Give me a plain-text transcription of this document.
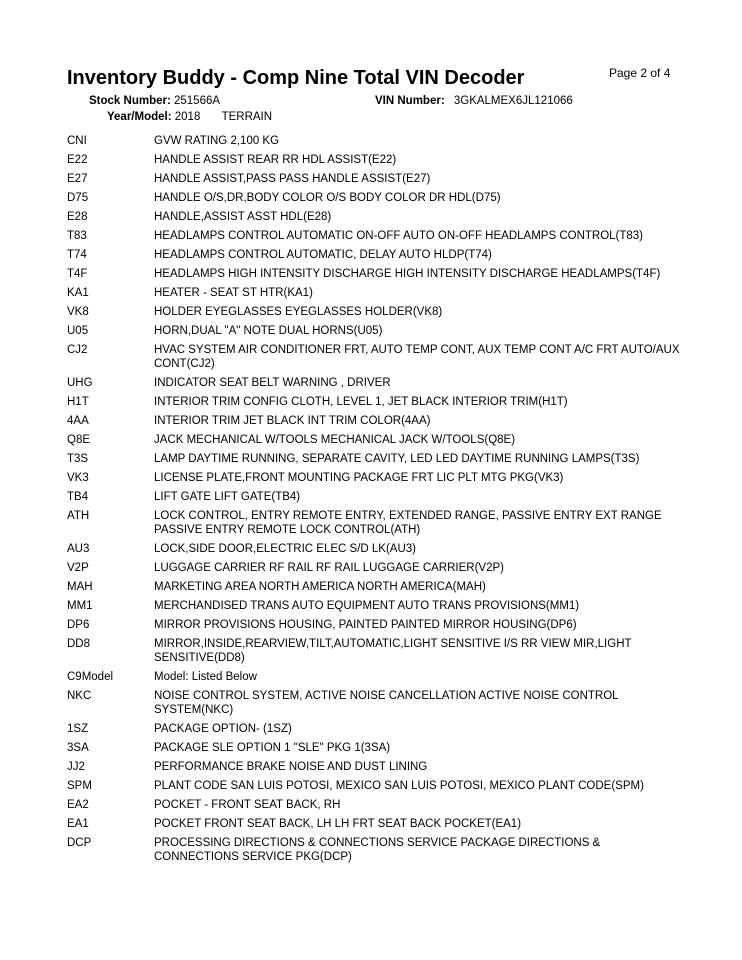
Inventory Buddy - Comp Nine Total VIN Decoder	Page 2 of 4
Stock Number: 251566A	VIN Number: 3GKALMEX6JL121066
Year/Model: 2018 TERRAIN
CNI	GVW RATING 2,100 KG
E22	HANDLE ASSIST REAR RR HDL ASSIST(E22)
E27	HANDLE ASSIST,PASS PASS HANDLE ASSIST(E27)
D75	HANDLE O/S,DR,BODY COLOR O/S BODY COLOR DR HDL(D75)
E28	HANDLE,ASSIST ASST HDL(E28)
T83	HEADLAMPS CONTROL AUTOMATIC ON-OFF AUTO ON-OFF HEADLAMPS CONTROL(T83)
T74	HEADLAMPS CONTROL AUTOMATIC, DELAY AUTO HLDP(T74)
T4F	HEADLAMPS HIGH INTENSITY DISCHARGE HIGH INTENSITY DISCHARGE HEADLAMPS(T4F)
KA1	HEATER - SEAT ST HTR(KA1)
VK8	HOLDER EYEGLASSES EYEGLASSES HOLDER(VK8)
U05	HORN,DUAL "A" NOTE DUAL HORNS(U05)
CJ2	HVAC SYSTEM AIR CONDITIONER FRT, AUTO TEMP CONT, AUX TEMP CONT A/C FRT AUTO/AUX CONT(CJ2)
UHG	INDICATOR SEAT BELT WARNING , DRIVER
H1T	INTERIOR TRIM CONFIG CLOTH, LEVEL 1, JET BLACK INTERIOR TRIM(H1T)
4AA	INTERIOR TRIM JET BLACK INT TRIM COLOR(4AA)
Q8E	JACK MECHANICAL W/TOOLS MECHANICAL JACK W/TOOLS(Q8E)
T3S	LAMP DAYTIME RUNNING, SEPARATE CAVITY, LED LED DAYTIME RUNNING LAMPS(T3S)
VK3	LICENSE PLATE,FRONT MOUNTING PACKAGE FRT LIC PLT MTG PKG(VK3)
TB4	LIFT GATE LIFT GATE(TB4)
ATH	LOCK CONTROL, ENTRY REMOTE ENTRY, EXTENDED RANGE, PASSIVE ENTRY EXT RANGE PASSIVE ENTRY REMOTE LOCK CONTROL(ATH)
AU3	LOCK,SIDE DOOR,ELECTRIC ELEC S/D LK(AU3)
V2P	LUGGAGE CARRIER RF RAIL RF RAIL LUGGAGE CARRIER(V2P)
MAH	MARKETING AREA NORTH AMERICA NORTH AMERICA(MAH)
MM1	MERCHANDISED TRANS AUTO EQUIPMENT AUTO TRANS PROVISIONS(MM1)
DP6	MIRROR PROVISIONS HOUSING, PAINTED PAINTED MIRROR HOUSING(DP6)
DD8	MIRROR,INSIDE,REARVIEW,TILT,AUTOMATIC,LIGHT SENSITIVE I/S RR VIEW MIR,LIGHT SENSITIVE(DD8)
C9Model	Model: Listed Below
NKC	NOISE CONTROL SYSTEM, ACTIVE NOISE CANCELLATION ACTIVE NOISE CONTROL SYSTEM(NKC)
1SZ	PACKAGE OPTION- (1SZ)
3SA	PACKAGE SLE OPTION 1 "SLE" PKG 1(3SA)
JJ2	PERFORMANCE BRAKE NOISE AND DUST LINING
SPM	PLANT CODE SAN LUIS POTOSI, MEXICO SAN LUIS POTOSI, MEXICO PLANT CODE(SPM)
EA2	POCKET - FRONT SEAT BACK, RH
EA1	POCKET FRONT SEAT BACK, LH LH FRT SEAT BACK POCKET(EA1)
DCP	PROCESSING DIRECTIONS & CONNECTIONS SERVICE PACKAGE DIRECTIONS & CONNECTIONS SERVICE PKG(DCP)
